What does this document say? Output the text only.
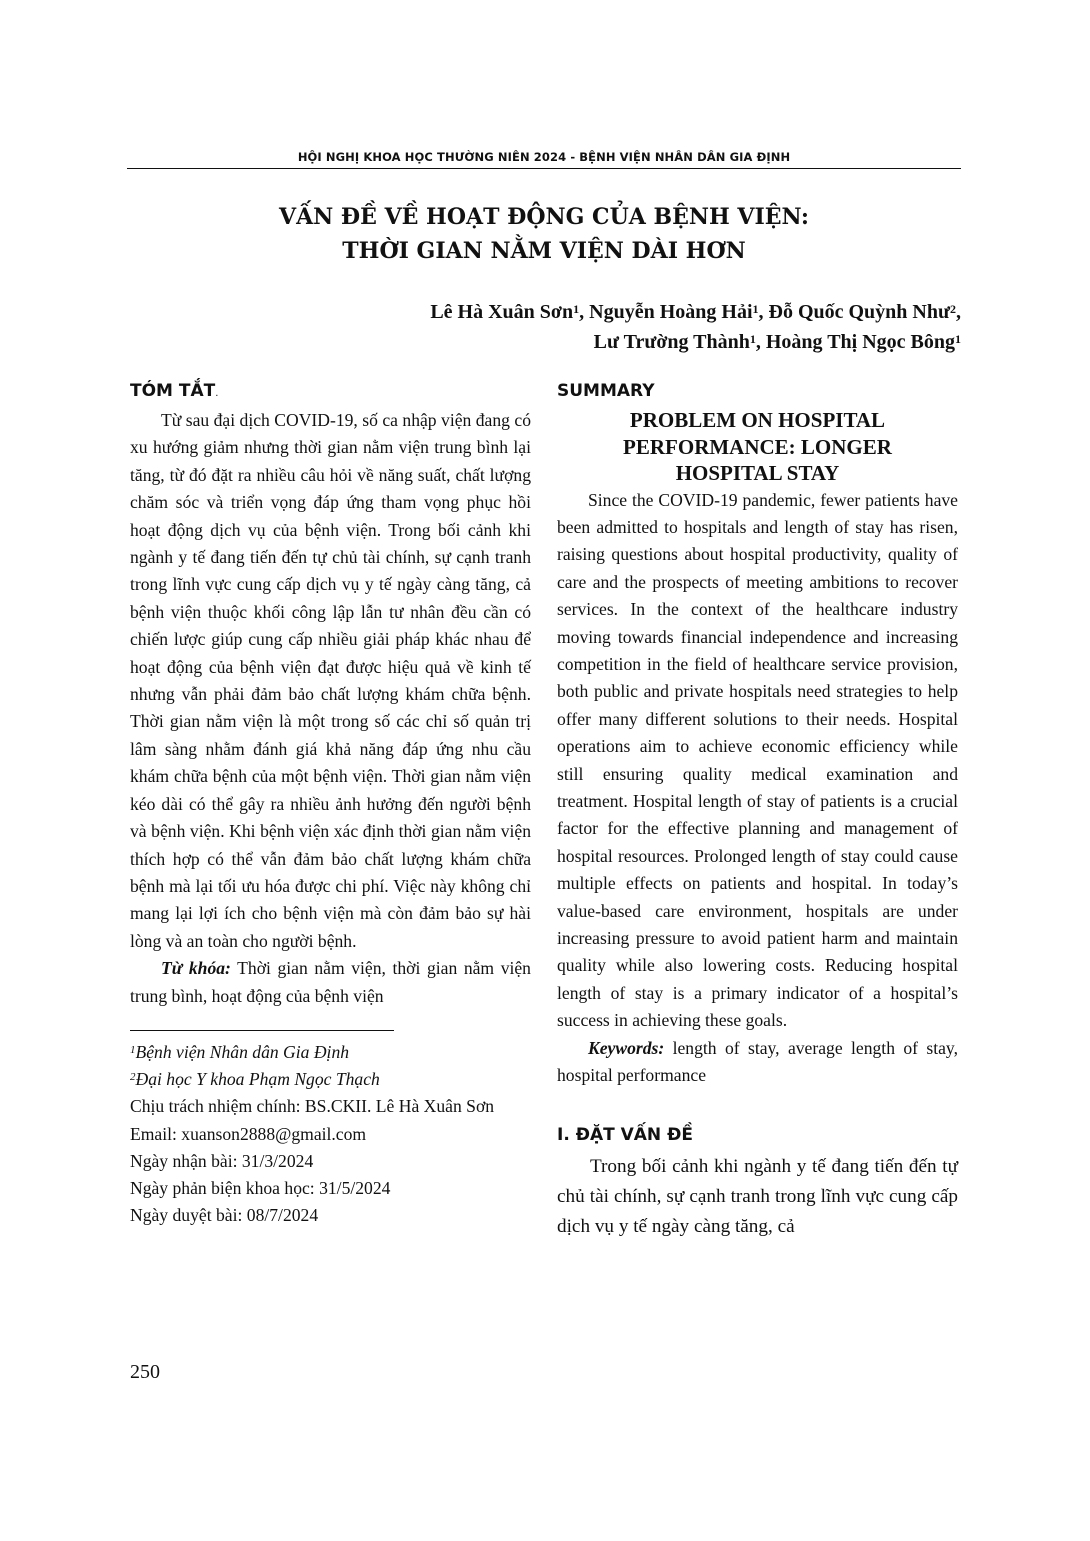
HỘI NGHỊ KHOA HỌC THƯỜNG NIÊN 2024 - BỆNH VIỆN NHÂN DÂN GIA ĐỊNH
VẤN ĐỀ VỀ HOẠT ĐỘNG CỦA BỆNH VIỆN:
THỜI GIAN NẰM VIỆN DÀI HƠN
Lê Hà Xuân Sơn$^1$, Nguyễn Hoàng Hải$^1$, Đỗ Quốc Quỳnh Như$^2$,
Lư Trường Thành$^1$, Hoàng Thị Ngọc Bông$^1$
TÓM TẮT.

Từ sau đại dịch COVID-19, số ca nhập viện đang có xu hướng giảm nhưng thời gian nằm viện trung bình lại tăng, từ đó đặt ra nhiều câu hỏi về năng suất, chất lượng chăm sóc và triển vọng đáp ứng tham vọng phục hồi hoạt động dịch vụ của bệnh viện. Trong bối cảnh khi ngành y tế đang tiến đến tự chủ tài chính, sự cạnh tranh trong lĩnh vực cung cấp dịch vụ y tế ngày càng tăng, cả bệnh viện thuộc khối công lập lẫn tư nhân đều cần có chiến lược giúp cung cấp nhiều giải pháp khác nhau để hoạt động của bệnh viện đạt được hiệu quả về kinh tế nhưng vẫn phải đảm bảo chất lượng khám chữa bệnh. Thời gian nằm viện là một trong số các chỉ số quản trị lâm sàng nhằm đánh giá khả năng đáp ứng nhu cầu khám chữa bệnh của một bệnh viện. Thời gian nằm viện kéo dài có thể gây ra nhiều ảnh hưởng đến người bệnh và bệnh viện. Khi bệnh viện xác định thời gian nằm viện thích hợp có thể vẫn đảm bảo chất lượng khám chữa bệnh mà lại tối ưu hóa được chi phí. Việc này không chỉ mang lại lợi ích cho bệnh viện mà còn đảm bảo sự hài lòng và an toàn cho người bệnh.

Từ khóa: Thời gian nằm viện, thời gian nằm viện trung bình, hoạt động của bệnh viện

$^1$Bệnh viện Nhân dân Gia Định
$^2$Đại học Y khoa Phạm Ngọc Thạch
Chịu trách nhiệm chính: BS.CKII. Lê Hà Xuân Sơn
Email: xuanson2888@gmail.com
Ngày nhận bài: 31/3/2024
Ngày phản biện khoa học: 31/5/2024
Ngày duyệt bài: 08/7/2024
SUMMARY
PROBLEM ON HOSPITAL
PERFORMANCE: LONGER
HOSPITAL STAY

Since the COVID-19 pandemic, fewer patients have been admitted to hospitals and length of stay has risen, raising questions about hospital productivity, quality of care and the prospects of meeting ambitions to recover services. In the context of the healthcare industry moving towards financial independence and increasing competition in the field of healthcare service provision, both public and private hospitals need strategies to help offer many different solutions to their needs. Hospital operations aim to achieve economic efficiency while still ensuring quality medical examination and treatment. Hospital length of stay of patients is a crucial factor for the effective planning and management of hospital resources. Prolonged length of stay could cause multiple effects on patients and hospital. In today’s value-based care environment, hospitals are under increasing pressure to avoid patient harm and maintain quality while also lowering costs. Reducing hospital length of stay is a primary indicator of a hospital’s success in achieving these goals.

Keywords: length of stay, average length of stay, hospital performance

I. ĐẶT VẤN ĐỀ

Trong bối cảnh khi ngành y tế đang tiến đến tự chủ tài chính, sự cạnh tranh trong lĩnh vực cung cấp dịch vụ y tế ngày càng tăng, cả

250
